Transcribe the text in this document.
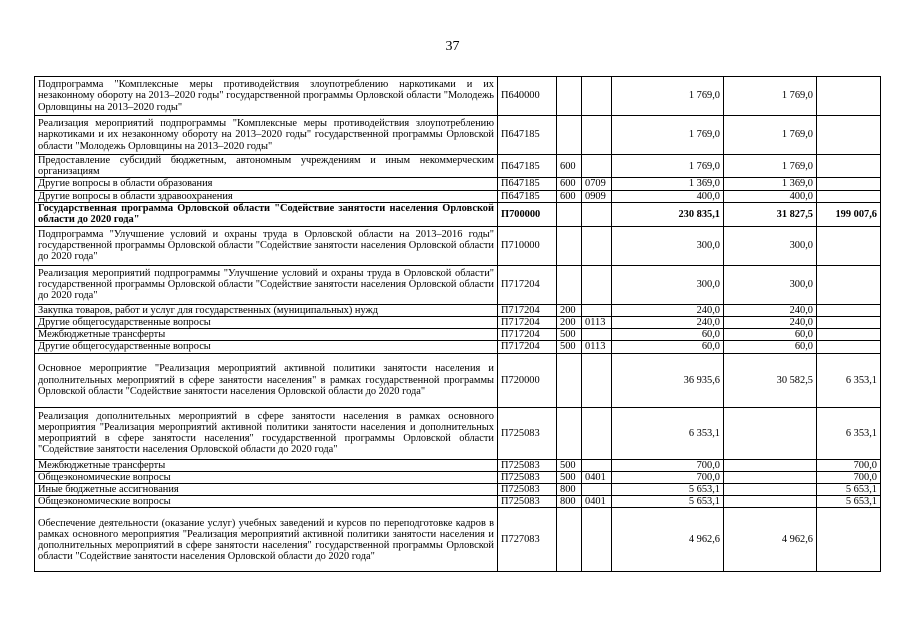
37
Подпрограмма "Комплексные меры противодействия злоупотреблению наркотиками и их незаконному обороту на 2013–2020 годы" государственной программы Орловской области "Молодежь Орловщины на 2013–2020 годы"	П640000			1 769,0	1 769,0	
Реализация мероприятий подпрограммы "Комплексные меры противодействия злоупотреблению наркотиками и их незаконному обороту на 2013–2020 годы" государственной программы Орловской области "Молодежь Орловщины на 2013–2020 годы"	П647185			1 769,0	1 769,0	
Предоставление субсидий бюджетным, автономным учреждениям и иным некоммерческим организациям	П647185	600		1 769,0	1 769,0	
Другие вопросы в области образования	П647185	600	0709	1 369,0	1 369,0	
Другие вопросы в области здравоохранения	П647185	600	0909	400,0	400,0	
Государственная программа Орловской области "Содействие занятости населения Орловской области до 2020 года"	П700000			230 835,1	31 827,5	199 007,6
Подпрограмма "Улучшение условий и охраны труда в Орловской области на 2013–2016 годы" государственной программы Орловской области "Содействие занятости населения Орловской области до 2020 года"	П710000			300,0	300,0	
Реализация мероприятий подпрограммы "Улучшение условий и охраны труда в Орловской области" государственной программы Орловской области "Содействие занятости населения Орловской области до 2020 года"	П717204			300,0	300,0	
Закупка товаров, работ и услуг для государственных (муниципальных) нужд	П717204	200		240,0	240,0	
Другие общегосударственные вопросы	П717204	200	0113	240,0	240,0	
Межбюджетные трансферты	П717204	500		60,0	60,0	
Другие общегосударственные вопросы	П717204	500	0113	60,0	60,0	
Основное мероприятие "Реализация мероприятий активной политики занятости населения и дополнительных мероприятий в сфере занятости населения" в рамках государственной программы Орловской области "Содействие занятости населения Орловской области до 2020 года"	П720000			36 935,6	30 582,5	6 353,1
Реализация дополнительных мероприятий в сфере занятости населения в рамках основного мероприятия "Реализация мероприятий активной политики занятости населения и дополнительных мероприятий в сфере занятости населения" государственной программы Орловской области "Содействие занятости населения Орловской области до 2020 года"	П725083			6 353,1		6 353,1
Межбюджетные трансферты	П725083	500		700,0		700,0
Общеэкономические вопросы	П725083	500	0401	700,0		700,0
Иные бюджетные ассигнования	П725083	800		5 653,1		5 653,1
Общеэкономические вопросы	П725083	800	0401	5 653,1		5 653,1
Обеспечение деятельности (оказание услуг) учебных заведений и курсов по переподготовке кадров в рамках основного мероприятия "Реализация мероприятий активной политики занятости населения и дополнительных мероприятий в сфере занятости населения" государственной программы Орловской области "Содействие занятости населения Орловской области до 2020 года"	П727083			4 962,6	4 962,6	
